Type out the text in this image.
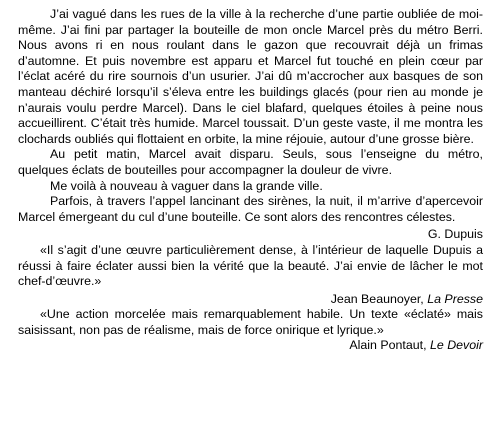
J’ai vagué dans les rues de la ville à la recherche d’une partie oubliée de moi-même. J’ai fini par partager la bouteille de mon oncle Marcel près du métro Berri. Nous avons ri en nous roulant dans le gazon que recouvrait déjà un frimas d’automne. Et puis novembre est apparu et Marcel fut touché en plein cœur par l’éclat acéré du rire sournois d’un usurier. J’ai dû m’accrocher aux basques de son manteau déchiré lorsqu’il s’éleva entre les buildings glacés (pour rien au monde je n’aurais voulu perdre Marcel). Dans le ciel blafard, quelques étoiles à peine nous accueillirent. C’était très humide. Marcel toussait. D’un geste vaste, il me montra les clochards oubliés qui flottaient en orbite, la mine réjouie, autour d’une grosse bière.

Au petit matin, Marcel avait disparu. Seuls, sous l’enseigne du métro, quelques éclats de bouteilles pour accompagner la douleur de vivre.

Me voilà à nouveau à vaguer dans la grande ville.

Parfois, à travers l’appel lancinant des sirènes, la nuit, il m’arrive d’apercevoir Marcel émergeant du cul d’une bouteille. Ce sont alors des rencontres célestes.

G. Dupuis

«Il s’agit d’une œuvre particulièrement dense, à l’intérieur de laquelle Dupuis a réussi à faire éclater aussi bien la vérité que la beauté. J’ai envie de lâcher le mot chef-d’œuvre.»

Jean Beaunoyer, La Presse

«Une action morcelée mais remarquablement habile. Un texte «éclaté» mais saisissant, non pas de réalisme, mais de force onirique et lyrique.»

Alain Pontaut, Le Devoir
